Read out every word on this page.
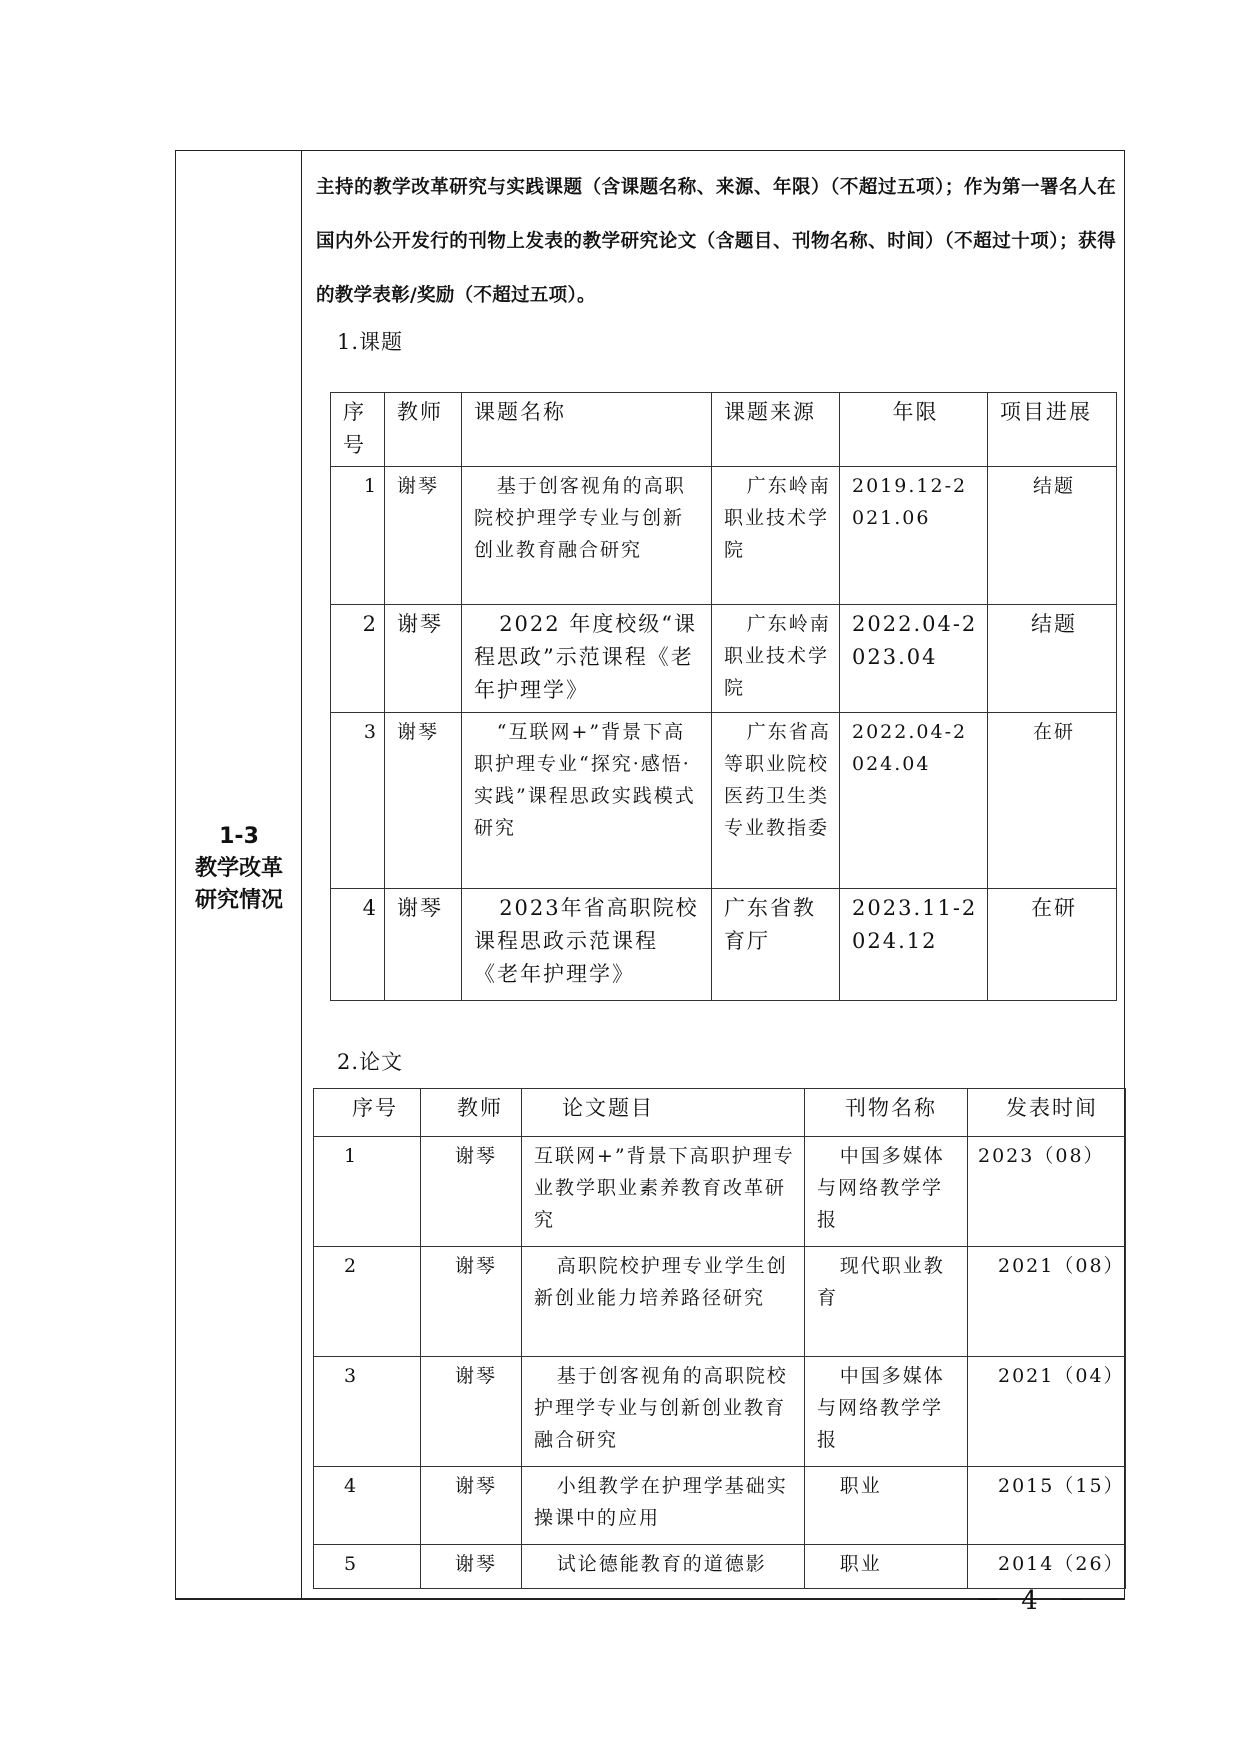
1-3
教学改革
研究情况
主持的教学改革研究与实践课题（含课题名称、来源、年限）（不超过五项）；作为第一署名人在国内外公开发行的刊物上发表的教学研究论文（含题目、刊物名称、时间）（不超过十项）；获得的教学表彰/奖励（不超过五项）。
1.课题
序号	教师	课题名称	课题来源	年限	项目进展
1	谢琴	基于创客视角的高职院校护理学专业与创新创业教育融合研究	广东岭南职业技术学院	2019.12-2021.06	结题
2	谢琴	2022 年度校级“课程思政”示范课程《老年护理学》	广东岭南职业技术学院	2022.04-2023.04	结题
3	谢琴	“互联网+”背景下高职护理专业“探究·感悟·实践”课程思政实践模式研究	广东省高等职业院校医药卫生类专业教指委	2022.04-2024.04	在研
4	谢琴	2023年省高职院校课程思政示范课程《老年护理学》	广东省教育厅	2023.11-2024.12	在研
2.论文
序号	教师	论文题目	刊物名称	发表时间
1	谢琴	互联网+”背景下高职护理专业教学职业素养教育改革研究	中国多媒体与网络教学学报	2023（08）
2	谢琴	高职院校护理专业学生创新创业能力培养路径研究	现代职业教育	2021（08）
3	谢琴	基于创客视角的高职院校护理学专业与创新创业教育融合研究	中国多媒体与网络教学学报	2021（04）
4	谢琴	小组教学在护理学基础实操课中的应用	职业	2015（15）
5	谢琴	试论德能教育的道德影	职业	2014（26）
－ 4 －
